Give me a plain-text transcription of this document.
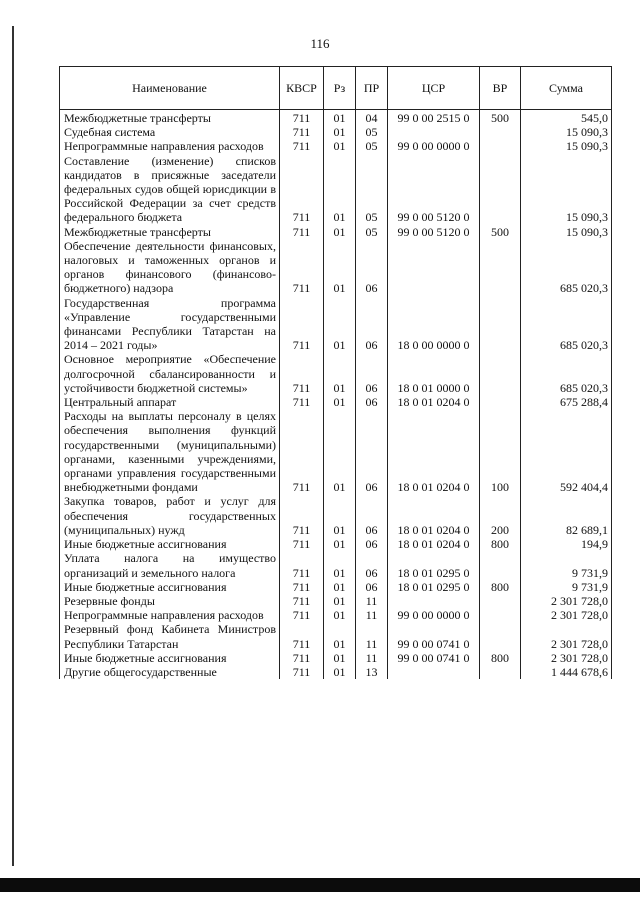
116
Наименование	КВСР	Рз	ПР	ЦСР	ВР	Сумма
Межбюджетные трансферты	711	01	04	99 0 00 2515 0	500	545,0
Судебная система	711	01	05			15 090,3
Непрограммные направления расходов	711	01	05	99 0 00 0000 0		15 090,3
Составление (изменение) списков кандидатов в присяжные заседатели федеральных судов общей юрисдикции в Российской Федерации за счет средств федерального бюджета	711	01	05	99 0 00 5120 0		15 090,3
Межбюджетные трансферты	711	01	05	99 0 00 5120 0	500	15 090,3
Обеспечение деятельности финансовых, налоговых и таможенных органов и органов финансового (финансово-бюджетного) надзора	711	01	06			685 020,3
Государственная программа «Управление государственными финансами Республики Татарстан на 2014 – 2021 годы»	711	01	06	18 0 00 0000 0		685 020,3
Основное мероприятие «Обеспечение долгосрочной сбалансированности и устойчивости бюджетной системы»	711	01	06	18 0 01 0000 0		685 020,3
Центральный аппарат	711	01	06	18 0 01 0204 0		675 288,4
Расходы на выплаты персоналу в целях обеспечения выполнения функций государственными (муниципальными) органами, казенными учреждениями, органами управления государственными внебюджетными фондами	711	01	06	18 0 01 0204 0	100	592 404,4
Закупка товаров, работ и услуг для обеспечения государственных (муниципальных) нужд	711	01	06	18 0 01 0204 0	200	82 689,1
Иные бюджетные ассигнования	711	01	06	18 0 01 0204 0	800	194,9
Уплата налога на имущество организаций и земельного налога	711	01	06	18 0 01 0295 0		9 731,9
Иные бюджетные ассигнования	711	01	06	18 0 01 0295 0	800	9 731,9
Резервные фонды	711	01	11			2 301 728,0
Непрограммные направления расходов	711	01	11	99 0 00 0000 0		2 301 728,0
Резервный фонд Кабинета Министров Республики Татарстан	711	01	11	99 0 00 0741 0		2 301 728,0
Иные бюджетные ассигнования	711	01	11	99 0 00 0741 0	800	2 301 728,0
Другие общегосударственные	711	01	13			1 444 678,6
